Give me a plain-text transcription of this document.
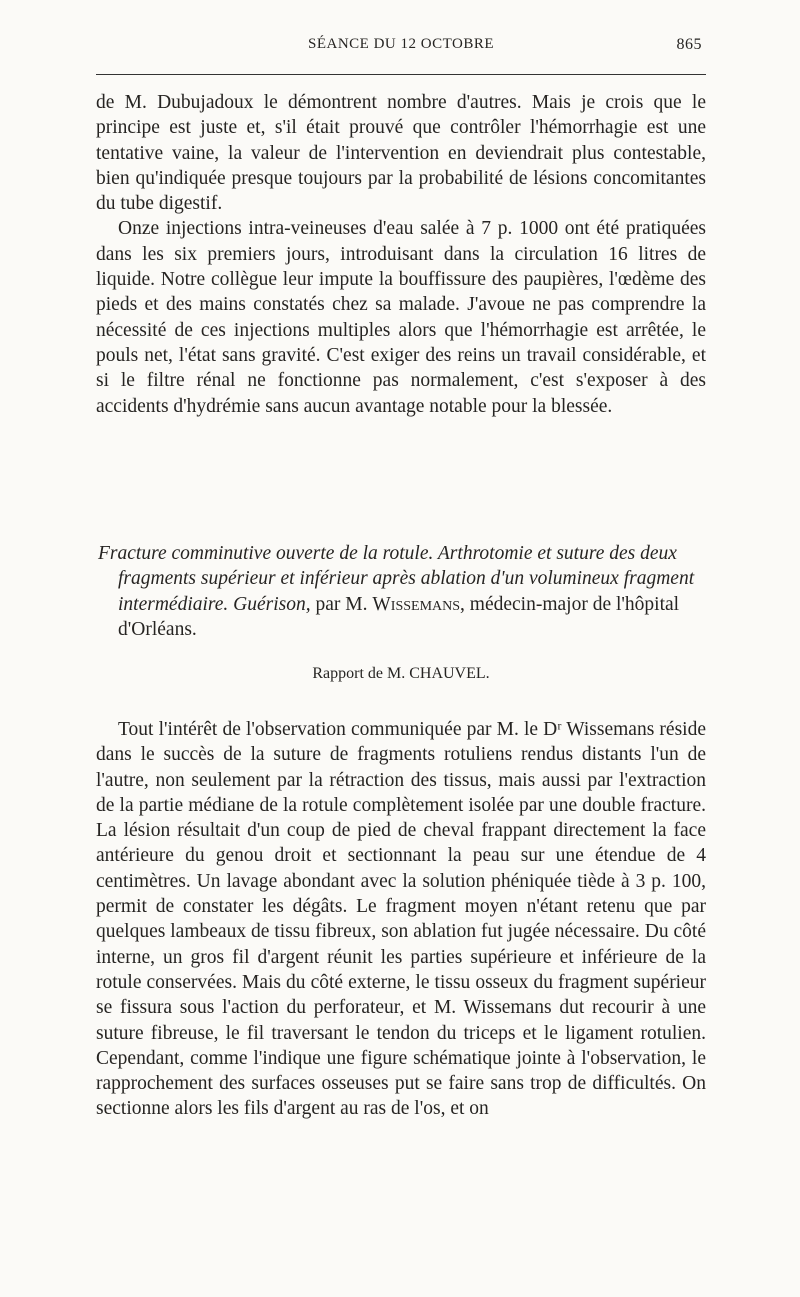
SÉANCE DU 12 OCTOBRE	865

de M. Dubujadoux le démontrent nombre d'autres. Mais je crois que le principe est juste et, s'il était prouvé que contrôler l'hémorrhagie est une tentative vaine, la valeur de l'intervention en deviendrait plus contestable, bien qu'indiquée presque toujours par la probabilité de lésions concomitantes du tube digestif.

Onze injections intra-veineuses d'eau salée à 7 p. 1000 ont été pratiquées dans les six premiers jours, introduisant dans la circulation 16 litres de liquide. Notre collègue leur impute la bouffissure des paupières, l'œdème des pieds et des mains constatés chez sa malade. J'avoue ne pas comprendre la nécessité de ces injections multiples alors que l'hémorrhagie est arrêtée, le pouls net, l'état sans gravité. C'est exiger des reins un travail considérable, et si le filtre rénal ne fonctionne pas normalement, c'est s'exposer à des accidents d'hydrémie sans aucun avantage notable pour la blessée.

Fracture comminutive ouverte de la rotule. Arthrotomie et suture des deux fragments supérieur et inférieur après ablation d'un volumineux fragment intermédiaire. Guérison, par M. Wissemans, médecin-major de l'hôpital d'Orléans.
Rapport de M. CHAUVEL.

Tout l'intérêt de l'observation communiquée par M. le Dʳ Wissemans réside dans le succès de la suture de fragments rotuliens rendus distants l'un de l'autre, non seulement par la rétraction des tissus, mais aussi par l'extraction de la partie médiane de la rotule complètement isolée par une double fracture. La lésion résultait d'un coup de pied de cheval frappant directement la face antérieure du genou droit et sectionnant la peau sur une étendue de 4 centimètres. Un lavage abondant avec la solution phéniquée tiède à 3 p. 100, permit de constater les dégâts. Le fragment moyen n'étant retenu que par quelques lambeaux de tissu fibreux, son ablation fut jugée nécessaire. Du côté interne, un gros fil d'argent réunit les parties supérieure et inférieure de la rotule conservées. Mais du côté externe, le tissu osseux du fragment supérieur se fissura sous l'action du perforateur, et M. Wissemans dut recourir à une suture fibreuse, le fil traversant le tendon du triceps et le ligament rotulien. Cependant, comme l'indique une figure schématique jointe à l'observation, le rapprochement des surfaces osseuses put se faire sans trop de difficultés. On sectionne alors les fils d'argent au ras de l'os, et on
